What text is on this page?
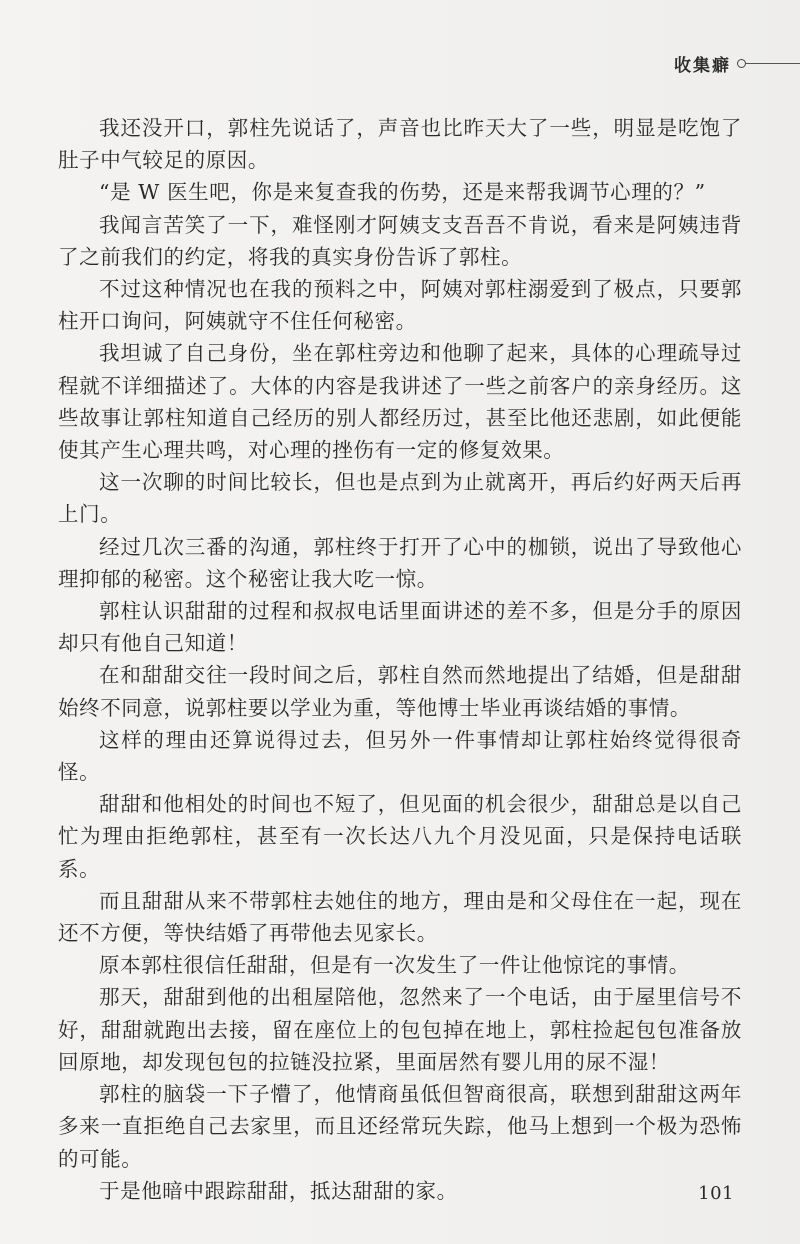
收集癖

我还没开口，郭柱先说话了，声音也比昨天大了一些，明显是吃饱了肚子中气较足的原因。

“是 W 医生吧，你是来复查我的伤势，还是来帮我调节心理的？”

我闻言苦笑了一下，难怪刚才阿姨支支吾吾不肯说，看来是阿姨违背了之前我们的约定，将我的真实身份告诉了郭柱。

不过这种情况也在我的预料之中，阿姨对郭柱溺爱到了极点，只要郭柱开口询问，阿姨就守不住任何秘密。

我坦诚了自己身份，坐在郭柱旁边和他聊了起来，具体的心理疏导过程就不详细描述了。大体的内容是我讲述了一些之前客户的亲身经历。这些故事让郭柱知道自己经历的别人都经历过，甚至比他还悲剧，如此便能使其产生心理共鸣，对心理的挫伤有一定的修复效果。

这一次聊的时间比较长，但也是点到为止就离开，再后约好两天后再上门。

经过几次三番的沟通，郭柱终于打开了心中的枷锁，说出了导致他心理抑郁的秘密。这个秘密让我大吃一惊。

郭柱认识甜甜的过程和叔叔电话里面讲述的差不多，但是分手的原因却只有他自己知道！

在和甜甜交往一段时间之后，郭柱自然而然地提出了结婚，但是甜甜始终不同意，说郭柱要以学业为重，等他博士毕业再谈结婚的事情。

这样的理由还算说得过去，但另外一件事情却让郭柱始终觉得很奇怪。

甜甜和他相处的时间也不短了，但见面的机会很少，甜甜总是以自己忙为理由拒绝郭柱，甚至有一次长达八九个月没见面，只是保持电话联系。

而且甜甜从来不带郭柱去她住的地方，理由是和父母住在一起，现在还不方便，等快结婚了再带他去见家长。

原本郭柱很信任甜甜，但是有一次发生了一件让他惊诧的事情。

那天，甜甜到他的出租屋陪他，忽然来了一个电话，由于屋里信号不好，甜甜就跑出去接，留在座位上的包包掉在地上，郭柱捡起包包准备放回原地，却发现包包的拉链没拉紧，里面居然有婴儿用的尿不湿！

郭柱的脑袋一下子懵了，他情商虽低但智商很高，联想到甜甜这两年多来一直拒绝自己去家里，而且还经常玩失踪，他马上想到一个极为恐怖的可能。

于是他暗中跟踪甜甜，抵达甜甜的家。	101
